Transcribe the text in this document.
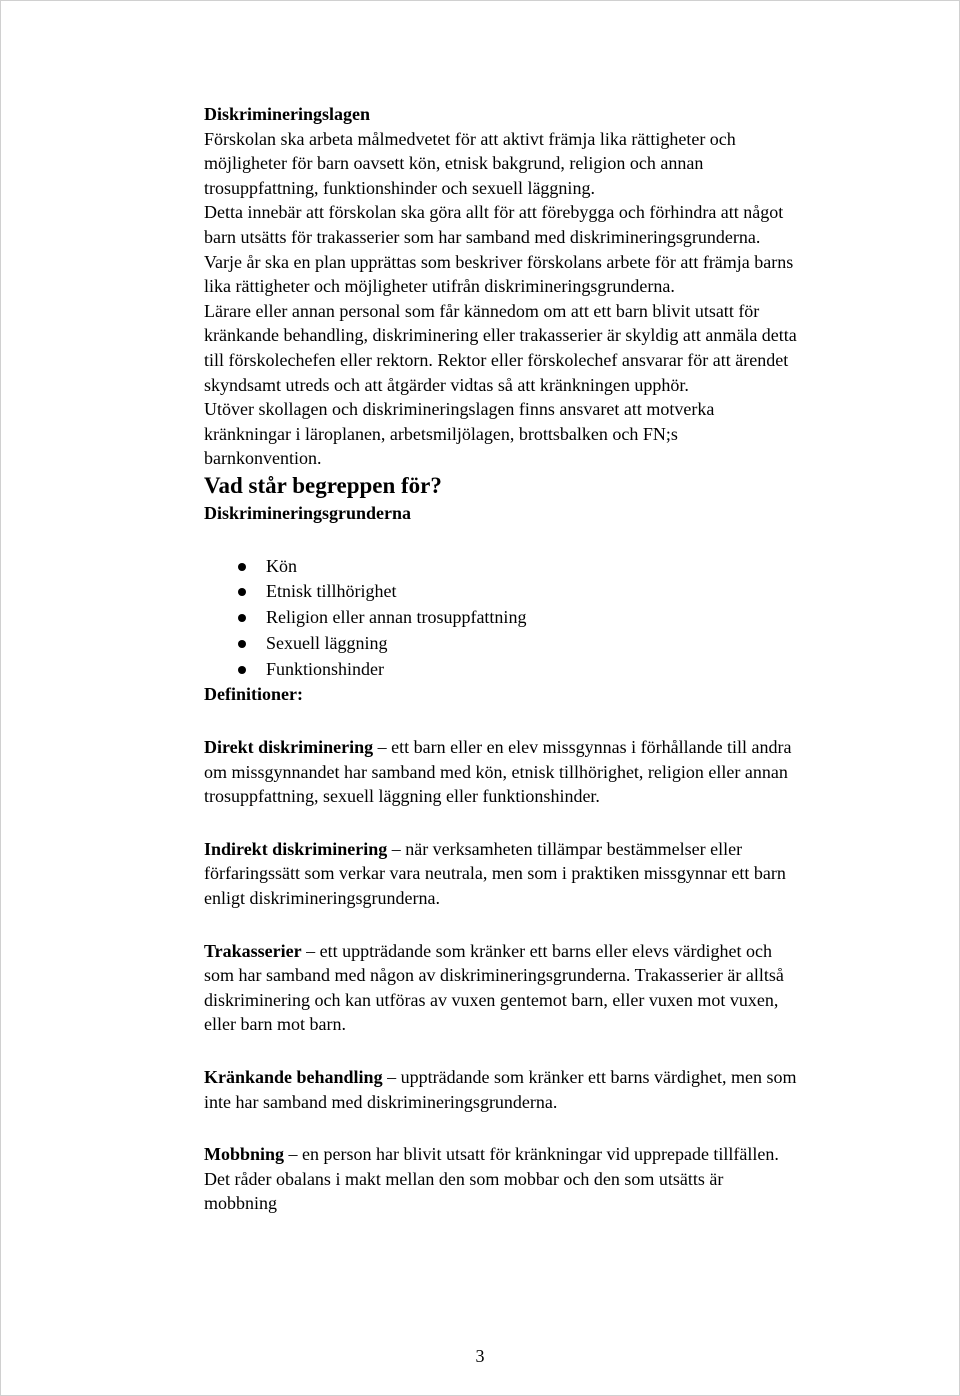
Diskrimineringslagen

Förskolan ska arbeta målmedvetet för att aktivt främja lika rättigheter och

möjligheter för barn oavsett kön, etnisk bakgrund, religion och annan

trosuppfattning, funktionshinder och sexuell läggning.

Detta innebär att förskolan ska göra allt för att förebygga och förhindra att något

barn utsätts för trakasserier som har samband med diskrimineringsgrunderna.

Varje år ska en plan upprättas som beskriver förskolans arbete för att främja barns

lika rättigheter och möjligheter utifrån diskrimineringsgrunderna.

Lärare eller annan personal som får kännedom om att ett barn blivit utsatt för

kränkande behandling, diskriminering eller trakasserier är skyldig att anmäla detta

till förskolechefen eller rektorn. Rektor eller förskolechef ansvarar för att ärendet

skyndsamt utreds och att åtgärder vidtas så att kränkningen upphör.

Utöver skollagen och diskrimineringslagen finns ansvaret att motverka

kränkningar i läroplanen, arbetsmiljölagen, brottsbalken och FN;s

barnkonvention.

Vad står begreppen för?

Diskrimineringsgrunderna

Kön
Etnisk tillhörighet
Religion eller annan trosuppfattning
Sexuell läggning
Funktionshinder

Definitioner:

Direkt diskriminering – ett barn eller en elev missgynnas i förhållande till andra

om missgynnandet har samband med kön, etnisk tillhörighet, religion eller annan

trosuppfattning, sexuell läggning eller funktionshinder.

Indirekt diskriminering – när verksamheten tillämpar bestämmelser eller

förfaringssätt som verkar vara neutrala, men som i praktiken missgynnar ett barn

enligt diskrimineringsgrunderna.

Trakasserier – ett uppträdande som kränker ett barns eller elevs värdighet och

som har samband med någon av diskrimineringsgrunderna. Trakasserier är alltså

diskriminering och kan utföras av vuxen gentemot barn, eller vuxen mot vuxen,

eller barn mot barn.

Kränkande behandling – uppträdande som kränker ett barns värdighet, men som

inte har samband med diskrimineringsgrunderna.

Mobbning – en person har blivit utsatt för kränkningar vid upprepade tillfällen.

Det råder obalans i makt mellan den som mobbar och den som utsätts är

mobbning

3
